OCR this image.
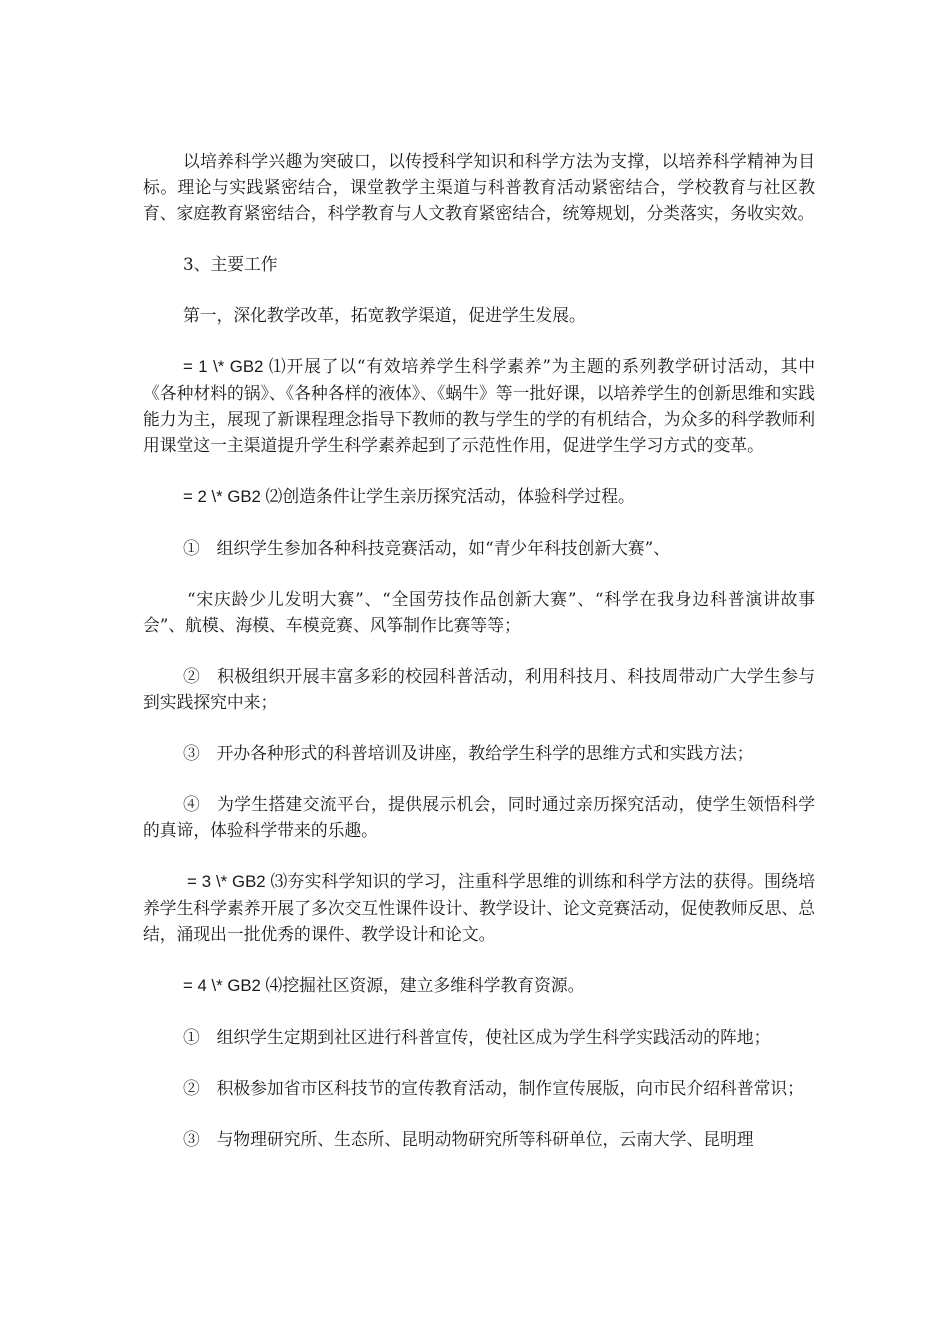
以培养科学兴趣为突破口，以传授科学知识和科学方法为支撑，以培养科学精神为目标。理论与实践紧密结合，课堂教学主渠道与科普教育活动紧密结合，学校教育与社区教育、家庭教育紧密结合，科学教育与人文教育紧密结合，统筹规划，分类落实，务收实效。

3、主要工作

第一，深化教学改革，拓宽教学渠道，促进学生发展。

= 1 \* GB2 ⑴开展了以“有效培养学生科学素养”为主题的系列教学研讨活动，其中《各种材料的锅》、《各种各样的液体》、《蜗牛》等一批好课，以培养学生的创新思维和实践能力为主，展现了新课程理念指导下教师的教与学生的学的有机结合，为众多的科学教师利用课堂这一主渠道提升学生科学素养起到了示范性作用，促进学生学习方式的变革。

= 2 \* GB2 ⑵创造条件让学生亲历探究活动，体验科学过程。

①　组织学生参加各种科技竞赛活动，如“青少年科技创新大赛”、

“宋庆龄少儿发明大赛”、“全国劳技作品创新大赛”、“科学在我身边科普演讲故事会”、航模、海模、车模竞赛、风筝制作比赛等等；

②　积极组织开展丰富多彩的校园科普活动，利用科技月、科技周带动广大学生参与到实践探究中来；

③　开办各种形式的科普培训及讲座，教给学生科学的思维方式和实践方法；

④　为学生搭建交流平台，提供展示机会，同时通过亲历探究活动，使学生领悟科学的真谛，体验科学带来的乐趣。

= 3 \* GB2 ⑶夯实科学知识的学习，注重科学思维的训练和科学方法的获得。围绕培养学生科学素养开展了多次交互性课件设计、教学设计、论文竞赛活动，促使教师反思、总结，涌现出一批优秀的课件、教学设计和论文。

= 4 \* GB2 ⑷挖掘社区资源，建立多维科学教育资源。

①　组织学生定期到社区进行科普宣传，使社区成为学生科学实践活动的阵地；

②　积极参加省市区科技节的宣传教育活动，制作宣传展版，向市民介绍科普常识；

③　与物理研究所、生态所、昆明动物研究所等科研单位，云南大学、昆明理
